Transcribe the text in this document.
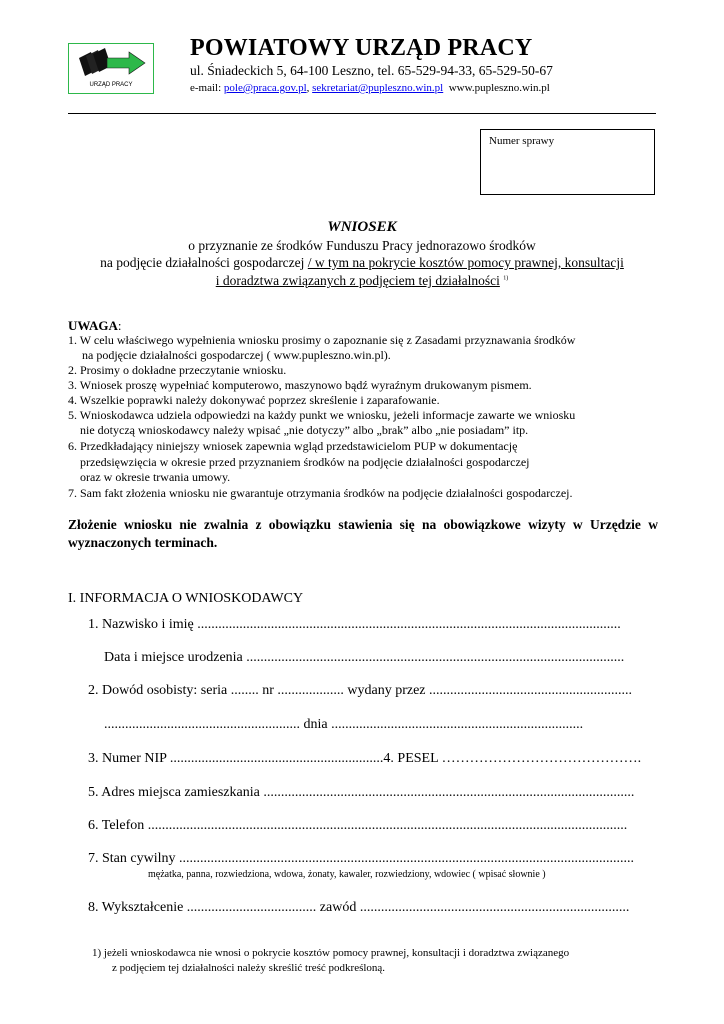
URZĄD PRACY
POWIATOWY URZĄD PRACY
ul. Śniadeckich 5, 64-100 Leszno, tel. 65-529-94-33, 65-529-50-67
e-mail: pole@praca.gov.pl, sekretariat@pupleszno.win.pl www.pupleszno.win.pl
Numer sprawy
WNIOSEK
o przyznanie ze środków Funduszu Pracy jednorazowo środków
na podjęcie działalności gospodarczej / w tym na pokrycie kosztów pomocy prawnej, konsultacji
i doradztwa związanych z podjęciem tej działalności $^{1)}$
UWAGA:
1. W celu właściwego wypełnienia wniosku prosimy o zapoznanie się z Zasadami przyznawania środków
na podjęcie działalności gospodarczej ( www.pupleszno.win.pl).
2. Prosimy o dokładne przeczytanie wniosku.
3. Wniosek proszę wypełniać komputerowo, maszynowo bądź wyraźnym drukowanym pismem.
4. Wszelkie poprawki należy dokonywać poprzez skreślenie i zaparafowanie.
5. Wnioskodawca udziela odpowiedzi na każdy punkt we wniosku, jeżeli informacje zawarte we wniosku
nie dotyczą wnioskodawcy należy wpisać „nie dotyczy” albo „brak” albo „nie posiadam” itp.
6. Przedkładający niniejszy wniosek zapewnia wgląd przedstawicielom PUP w dokumentację
przedsięwzięcia w okresie przed przyznaniem środków na podjęcie działalności gospodarczej
oraz w okresie trwania umowy.
7. Sam fakt złożenia wniosku nie gwarantuje otrzymania środków na podjęcie działalności gospodarczej.
Złożenie wniosku nie zwalnia z obowiązku stawienia się na obowiązkowe wizyty w Urzędzie w wyznaczonych terminach.
I. INFORMACJA O WNIOSKODAWCY
1. Nazwisko i imię .........................................................................................................................
Data i miejsce urodzenia ............................................................................................................
2. Dowód osobisty: seria ........ nr ................... wydany przez ..........................................................
........................................................ dnia ........................................................................
3. Numer NIP .............................................................4. PESEL …………………………………….
5. Adres miejsca zamieszkania ..........................................................................................................
6. Telefon .........................................................................................................................................
7. Stan cywilny ..................................................................................................................................
mężatka, panna, rozwiedziona, wdowa, żonaty, kawaler, rozwiedziony, wdowiec ( wpisać słownie )
8. Wykształcenie ..................................... zawód .............................................................................
1) jeżeli wnioskodawca nie wnosi o pokrycie kosztów pomocy prawnej, konsultacji i doradztwa związanego
z podjęciem tej działalności należy skreślić treść podkreśloną.
